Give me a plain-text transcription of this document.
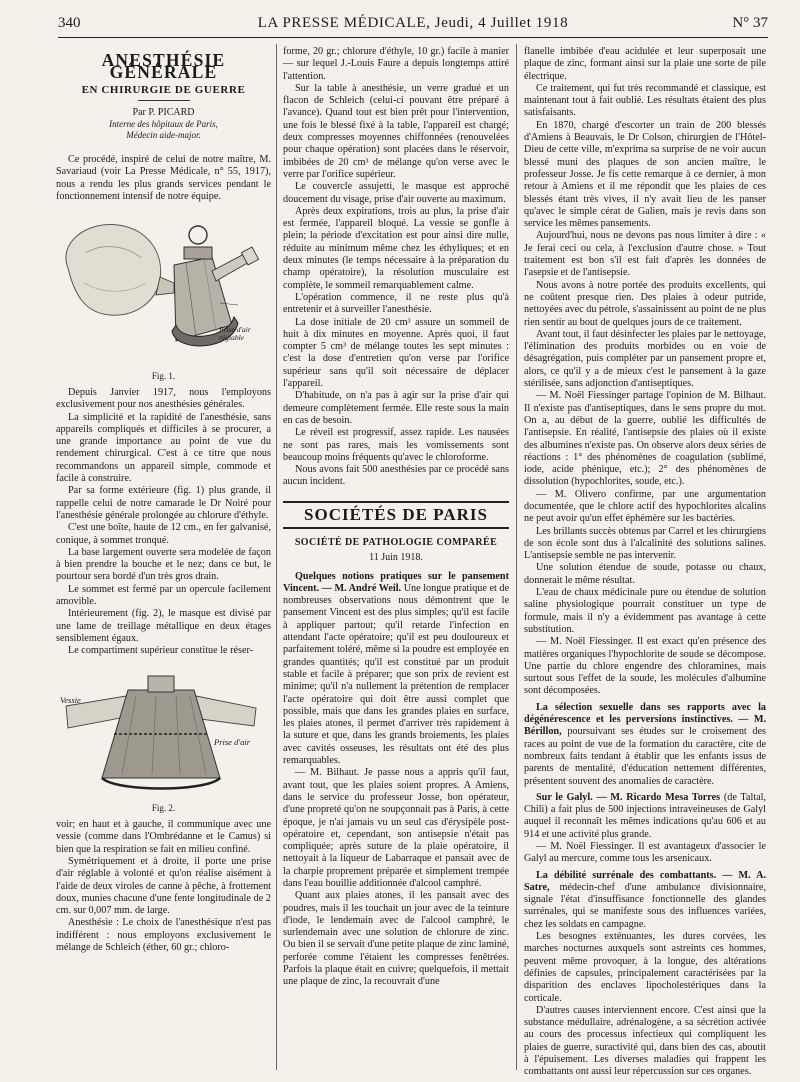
340	LA PRESSE MÉDICALE, Jeudi, 4 Juillet 1918	N° 37
ANESTHÉSIE GÉNÉRALE
EN CHIRURGIE DE GUERRE
Par P. PICARD
Interne des hôpitaux de Paris,
Médecin aide-major.

Ce procédé, inspiré de celui de notre maître, M. Savariaud (voir La Presse Médicale, n° 55, 1917), nous a rendu les plus grands services pendant le fonctionnement intensif de notre équipe.

Prise d'air réglable
Fig. 1.

Depuis Janvier 1917, nous l'employons exclusivement pour nos anesthésies générales.

La simplicité et la rapidité de l'anesthésie, sans appareils compliqués et difficiles à se procurer, a une grande importance au point de vue du rendement chirurgical. C'est à ce titre que nous recommandons un appareil simple, commode et facile à construire.

Par sa forme extérieure (fig. 1) plus grande, il rappelle celui de notre camarade le Dr Noiré pour l'anesthésie générale prolongée au chlorure d'éthyle.

C'est une boîte, haute de 12 cm., en fer galvanisé, conique, à sommet tronqué.

La base largement ouverte sera modelée de façon à bien prendre la bouche et le nez; dans ce but, le pourtour sera bordé d'un très gros drain.

Le sommet est fermé par un opercule facilement amovible.

Intérieurement (fig. 2), le masque est divisé par une lame de treillage métallique en deux étages sensiblement égaux.

Le compartiment supérieur constitue le réser-

Vessie
Prise d'air
Fig. 2.

voir; en haut et à gauche, il communique avec une vessie (comme dans l'Ombrédanne et le Camus) si bien que la respiration se fait en milieu confiné.

Symétriquement et à droite, il porte une prise d'air réglable à volonté et qu'on réalise aisément à l'aide de deux viroles de canne à pêche, à frottement doux, munies chacune d'une fente longitudinale de 2 cm. sur 0,007 mm. de large.

Anesthésie : Le choix de l'anesthésique n'est pas indifférent : nous employons exclusivement le mélange de Schleich (éther, 60 gr.; chloro-

forme, 20 gr.; chlorure d'éthyle, 10 gr.) facile à manier — sur lequel J.-Louis Faure a depuis longtemps attiré l'attention.

Sur la table à anesthésie, un verre gradué et un flacon de Schleich (celui-ci pouvant être préparé à l'avance). Quand tout est bien prêt pour l'intervention, une fois le blessé fixé à la table, l'appareil est chargé; deux compresses moyennes chiffonnées (renouvelées pour chaque opération) sont placées dans le réservoir, imbibées de 20 cm³ de mélange qu'on verse avec le verre par l'orifice supérieur.

Le couvercle assujetti, le masque est approché doucement du visage, prise d'air ouverte au maximum.

Après deux expirations, trois au plus, la prise d'air est fermée, l'appareil bloqué. La vessie se gonfle à plein; la période d'excitation est pour ainsi dire nulle, réduite au minimum même chez les éthyliques; et en deux minutes (le temps nécessaire à la préparation du champ opératoire), la résolution musculaire est complète, le sommeil remarquablement calme.

L'opération commence, il ne reste plus qu'à entretenir et à surveiller l'anesthésie.

La dose initiale de 20 cm³ assure un sommeil de huit à dix minutes en moyenne. Après quoi, il faut compter 5 cm³ de mélange toutes les sept minutes : c'est la dose d'entretien qu'on verse par l'orifice supérieur sans qu'il soit nécessaire de déplacer l'appareil.

D'habitude, on n'a pas à agir sur la prise d'air qui demeure complètement fermée. Elle reste sous la main en cas de besoin.

Le réveil est progressif, assez rapide. Les nausées ne sont pas rares, mais les vomissements sont beaucoup moins fréquents qu'avec le chloroforme.

Nous avons fait 500 anesthésies par ce procédé sans aucun incident.

SOCIÉTÉS DE PARIS
SOCIÉTÉ DE PATHOLOGIE COMPARÉE
11 Juin 1918.

Quelques notions pratiques sur le pansement Vincent. — M. André Weil. Une longue pratique et de nombreuses observations nous démontrent que le pansement Vincent est des plus simples; qu'il est facile à appliquer partout; qu'il retarde l'infection en attendant l'acte opératoire; qu'il est peu douloureux et parfaitement toléré, même si la poudre est employée en grandes quantités; qu'il est constitué par un produit stable et facile à préparer; que son prix de revient est minime; qu'il n'a nullement la prétention de remplacer l'acte opératoire qui doit être aussi complet que possible, mais que dans les grandes plaies en surface, les plaies atones, il permet d'arriver très rapidement à la suture et que, dans les grands broiements, les plaies avec cavités osseuses, les résultats ont été des plus remarquables.

— M. Bilhaut. Je passe nous a appris qu'il faut, avant tout, que les plaies soient propres. A Amiens, dans le service du professeur Josse, bon opérateur, d'une propreté qu'on ne soupçonnait pas à Paris, à cette époque, je n'ai jamais vu un seul cas d'érysipèle post-opératoire et, cependant, son antisepsie n'était pas compliquée; après suture de la plaie opératoire, il nettoyait à la liqueur de Labarraque et pansait avec de la charpie proprement préparée et simplement trempée dans l'eau bouillie additionnée d'alcool camphré.

Quant aux plaies atones, il les pansait avec des poudres, mais il les touchait un jour avec de la teinture d'iode, le lendemain avec de l'alcool camphré, le surlendemain avec une solution de chlorure de zinc. Ou bien il se servait d'une petite plaque de zinc laminé, perforée comme l'étaient les compresses fenêtrées. Parfois la plaque était en cuivre; quelquefois, il mettait une plaque de zinc, la recouvrait d'une

flanelle imbibée d'eau acidulée et leur superposait une plaque de zinc, formant ainsi sur la plaie une sorte de pile électrique.

Ce traitement, qui fut très recommandé et classique, est maintenant tout à fait oublié. Les résultats étaient des plus satisfaisants.

En 1870, chargé d'escorter un train de 200 blessés d'Amiens à Beauvais, le Dr Colson, chirurgien de l'Hôtel-Dieu de cette ville, m'exprima sa surprise de ne voir aucun blessé muni des plaques de son ancien maître, le professeur Josse. Je fis cette remarque à ce dernier, à mon retour à Amiens et il me répondit que les plaies de ces blessés étant très vives, il n'y avait lieu de les panser qu'avec le simple cérat de Galien, mais je revis dans son service les mêmes pansements.

Aujourd'hui, nous ne devons pas nous limiter à dire : « Je ferai ceci ou cela, à l'exclusion d'autre chose. » Tout traitement est bon s'il est fait d'après les données de l'asepsie et de l'antisepsie.

Nous avons à notre portée des produits excellents, qui ne coûtent presque rien. Des plaies à odeur putride, nettoyées avec du pétrole, s'assainissent au point de ne plus rien sentir au bout de quelques jours de ce traitement.

Avant tout, il faut désinfecter les plaies par le nettoyage, l'élimination des produits morbides ou en voie de désagrégation, puis compléter par un pansement propre et, alors, ce qu'il y a de mieux c'est le pansement à la gaze stérilisée, sans adjonction d'antiseptiques.

— M. Noël Fiessinger partage l'opinion de M. Bilhaut. Il n'existe pas d'antiseptiques, dans le sens propre du mot. On a, au début de la guerre, oublié les difficultés de l'antisepsie. En réalité, l'antisepsie des plaies où il existe des albumines n'existe pas. On observe alors deux séries de réactions : 1° des phénomènes de coagulation (sublimé, iode, acide phénique, etc.); 2° des phénomènes de dissolution (hypochlorites, soude, etc.).

— M. Olivero confirme, par une argumentation documentée, que le chlore actif des hypochlorites alcalins ne peut avoir qu'un effet éphémère sur les bactéries.

Les brillants succès obtenus par Carrel et les chirurgiens de son école sont dus à l'alcalinité des solutions salines. L'antisepsie semble ne pas intervenir.

Une solution étendue de soude, potasse ou chaux, donnerait le même résultat.

L'eau de chaux médicinale pure ou étendue de solution saline physiologique pourrait constituer un type de formule, mais il n'y a évidemment pas avantage à cette substitution.

— M. Noël Fiessinger. Il est exact qu'en présence des matières organiques l'hypochlorite de soude se décompose. Une partie du chlore engendre des chloramines, mais surtout sous l'effet de la soude, les molécules d'albumine sont décomposées.

La sélection sexuelle dans ses rapports avec la dégénérescence et les perversions instinctives. — M. Bérillon, poursuivant ses études sur le croisement des races au point de vue de la formation du caractère, cite de nombreux faits tendant à établir que les enfants issus de parents de mentalité, d'éducation nettement différentes, présentent souvent des anomalies de caractère.

Sur le Galyl. — M. Ricardo Mesa Torres (de Taltal, Chili) a fait plus de 500 injections intraveineuses de Galyl auquel il reconnaît les mêmes indications qu'au 606 et au 914 et une activité plus grande.

— M. Noël Fiessinger. Il est avantageux d'associer le Galyl au mercure, comme tous les arsenicaux.

La débilité surrénale des combattants. — M. A. Satre, médecin-chef d'une ambulance divisionnaire, signale l'état d'insuffisance fonctionnelle des glandes surrénales, qui se manifeste sous des influences variées, chez les soldats en campagne.

Les besognes exténuantes, les dures corvées, les marches nocturnes auxquels sont astreints ces hommes, peuvent même provoquer, à la longue, des altérations définies de capsules, principalement caractérisées par la disparition des enclaves lipocholestériques dans la corticale.

D'autres causes interviennent encore. C'est ainsi que la substance médullaire, adrénalogène, a sa sécrétion activée au cours des processus infectieux qui compliquent les plaies de guerre, suractivité qui, dans bien des cas, aboutit à l'épuisement. Les diverses maladies qui frappent les combattants ont aussi leur répercussion sur ces organes.
